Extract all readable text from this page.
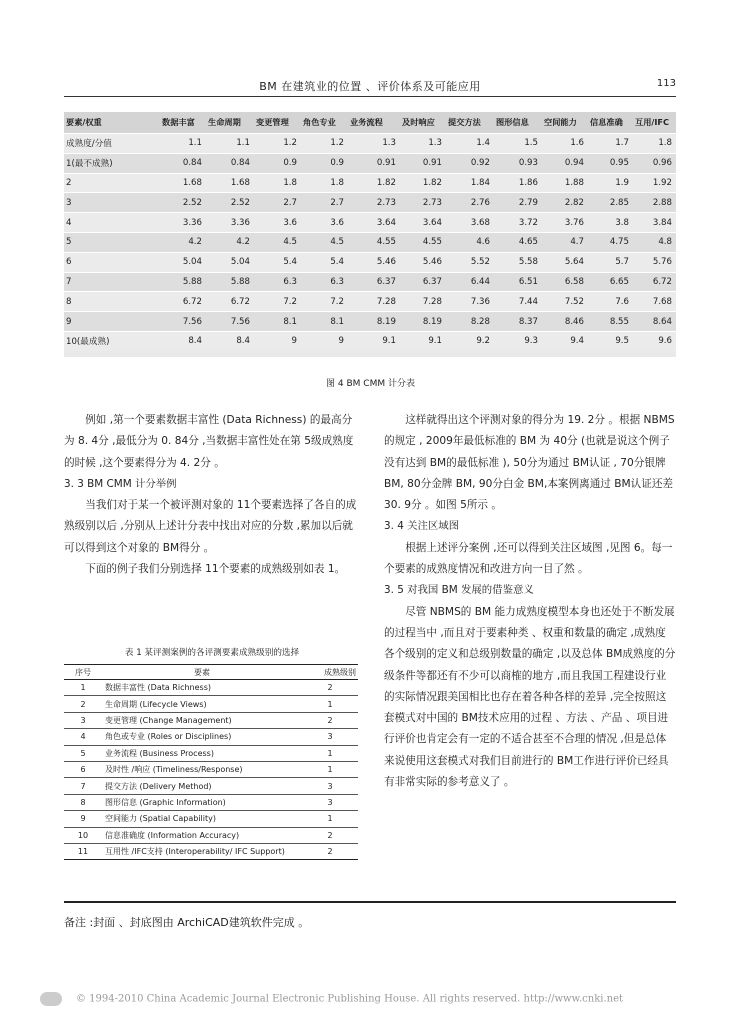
BM 在建筑业的位置 、评价体系及可能应用	113
要素/权重	数据丰富	生命周期	变更管理	角色专业	业务流程	及时响应	提交方法	图形信息	空间能力	信息准确	互用/IFC
成熟度/分值	1.1	1.1	1.2	1.2	1.3	1.3	1.4	1.5	1.6	1.7	1.8
1(最不成熟)	0.84	0.84	0.9	0.9	0.91	0.91	0.92	0.93	0.94	0.95	0.96
2	1.68	1.68	1.8	1.8	1.82	1.82	1.84	1.86	1.88	1.9	1.92
3	2.52	2.52	2.7	2.7	2.73	2.73	2.76	2.79	2.82	2.85	2.88
4	3.36	3.36	3.6	3.6	3.64	3.64	3.68	3.72	3.76	3.8	3.84
5	4.2	4.2	4.5	4.5	4.55	4.55	4.6	4.65	4.7	4.75	4.8
6	5.04	5.04	5.4	5.4	5.46	5.46	5.52	5.58	5.64	5.7	5.76
7	5.88	5.88	6.3	6.3	6.37	6.37	6.44	6.51	6.58	6.65	6.72
8	6.72	6.72	7.2	7.2	7.28	7.28	7.36	7.44	7.52	7.6	7.68
9	7.56	7.56	8.1	8.1	8.19	8.19	8.28	8.37	8.46	8.55	8.64
10(最成熟)	8.4	8.4	9	9	9.1	9.1	9.2	9.3	9.4	9.5	9.6
图 4 BM CMM 计分表

例如 ,第一个要素数据丰富性 (Data Richness) 的最高分为 8. 4分 ,最低分为 0. 84分 ,当数据丰富性处在第 5级成熟度的时候 ,这个要素得分为 4. 2分 。

3. 3 BM CMM 计分举例

当我们对于某一个被评测对象的 11个要素选择了各自的成熟级别以后 ,分别从上述计分表中找出对应的分数 ,累加以后就可以得到这个对象的 BM得分 。

下面的例子我们分别选择 11个要素的成熟级别如表 1。

表 1 某评测案例的各评测要素成熟级别的选择
序号	要素	成熟级别
1	数据丰富性 (Data Richness)	2
2	生命周期 (Lifecycle Views)	1
3	变更管理 (Change Management)	2
4	角色或专业 (Roles or Disciplines)	3
5	业务流程 (Business Process)	1
6	及时性 /响应 (Timeliness/Response)	1
7	提交方法 (Delivery Method)	3
8	图形信息 (Graphic Information)	3
9	空间能力 (Spatial Capability)	1
10	信息准确度 (Information Accuracy)	2
11	互用性 /IFC支持 (Interoperability/ IFC Support)	2

这样就得出这个评测对象的得分为 19. 2分 。根据 NBMS的规定 , 2009年最低标准的 BM 为 40分 (也就是说这个例子没有达到 BM的最低标准 ), 50分为通过 BM认证 , 70分银牌 BM, 80分金牌 BM, 90分白金 BM,本案例离通过 BM认证还差 30. 9分 。如图 5所示 。

3. 4 关注区域图

根据上述评分案例 ,还可以得到关注区域图 ,见图 6。每一个要素的成熟度情况和改进方向一目了然 。

3. 5 对我国 BM 发展的借鉴意义

尽管 NBMS的 BM 能力成熟度模型本身也还处于不断发展的过程当中 ,而且对于要素种类 、权重和数量的确定 ,成熟度各个级别的定义和总级别数量的确定 ,以及总体 BM成熟度的分级条件等都还有不少可以商榷的地方 ,而且我国工程建设行业的实际情况跟美国相比也存在着各种各样的差异 ,完全按照这套模式对中国的 BM技术应用的过程 、方法 、产品 、项目进行评价也肯定会有一定的不适合甚至不合理的情况 ,但是总体来说使用这套模式对我们目前进行的 BM工作进行评价已经具有非常实际的参考意义了 。

备注 :封面 、封底图由 ArchiCAD建筑软件完成 。
© 1994-2010 China Academic Journal Electronic Publishing House. All rights reserved. http://www.cnki.net
